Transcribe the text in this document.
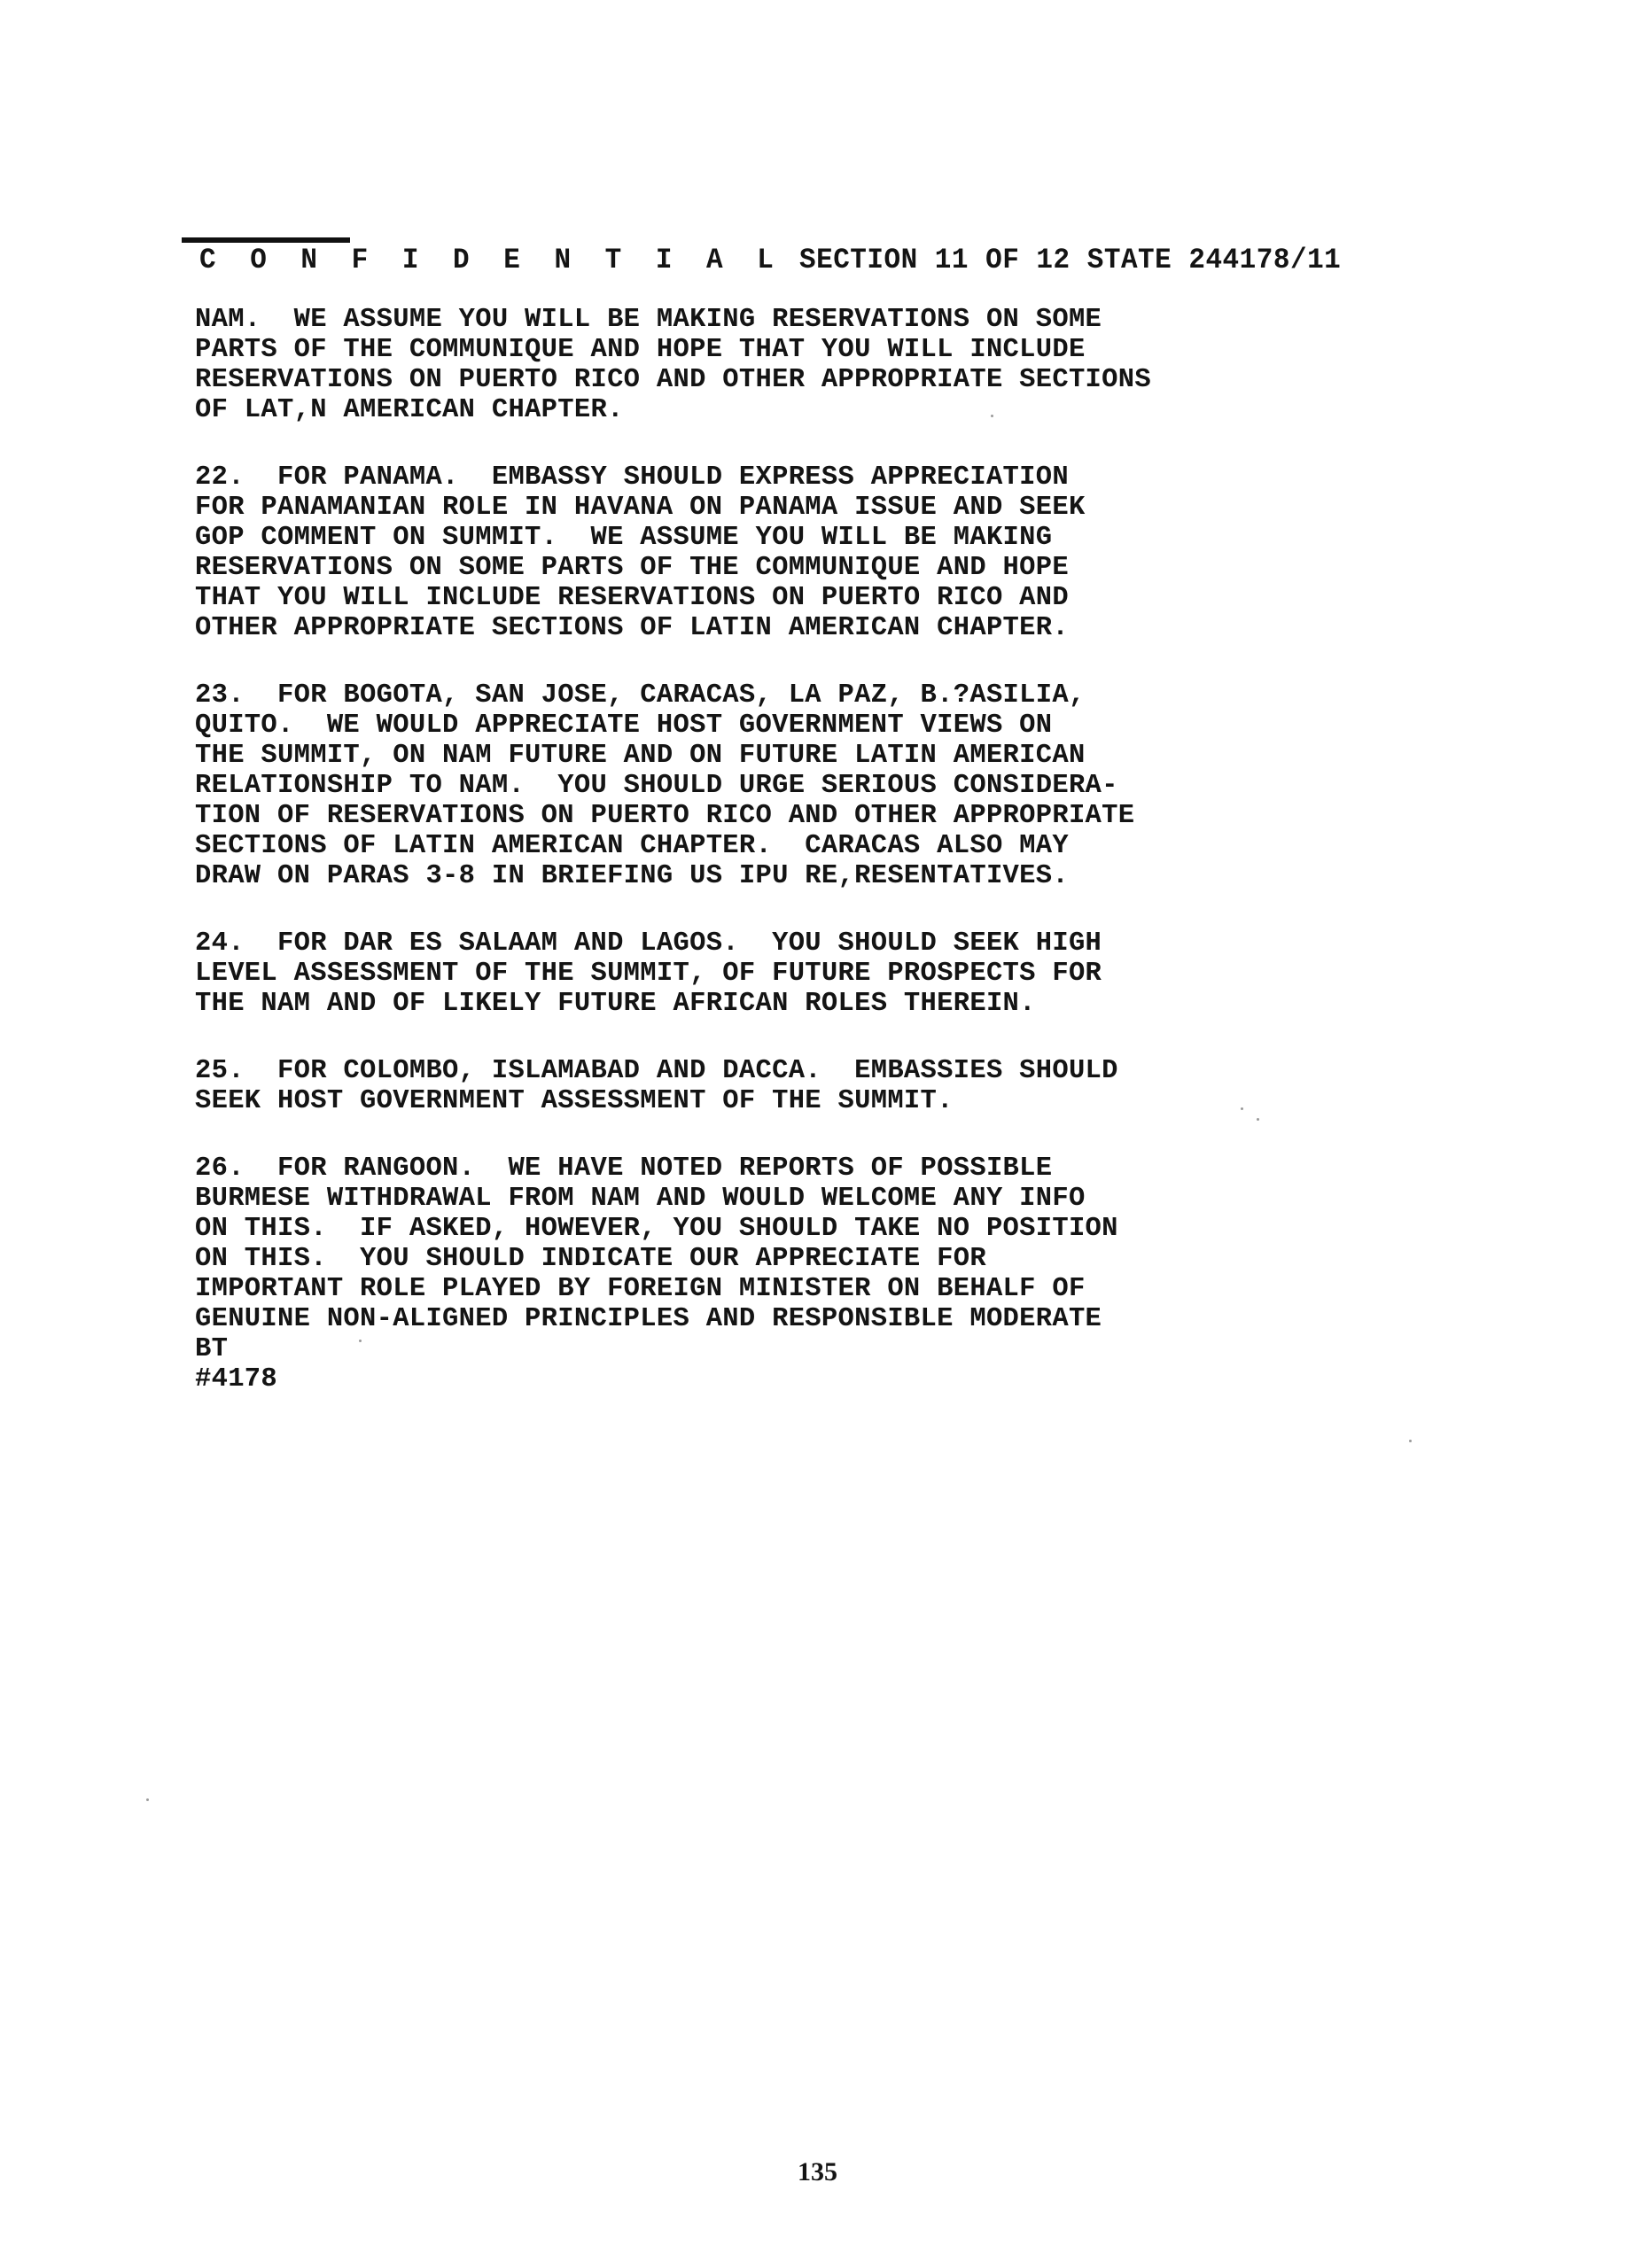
C O N F I D E N T I A L SECTION 11 OF 12 STATE 244178/11

NAM.  WE ASSUME YOU WILL BE MAKING RESERVATIONS ON SOME
PARTS OF THE COMMUNIQUE AND HOPE THAT YOU WILL INCLUDE
RESERVATIONS ON PUERTO RICO AND OTHER APPROPRIATE SECTIONS
OF LAT,N AMERICAN CHAPTER.

22.  FOR PANAMA.  EMBASSY SHOULD EXPRESS APPRECIATION
FOR PANAMANIAN ROLE IN HAVANA ON PANAMA ISSUE AND SEEK
GOP COMMENT ON SUMMIT.  WE ASSUME YOU WILL BE MAKING
RESERVATIONS ON SOME PARTS OF THE COMMUNIQUE AND HOPE
THAT YOU WILL INCLUDE RESERVATIONS ON PUERTO RICO AND
OTHER APPROPRIATE SECTIONS OF LATIN AMERICAN CHAPTER.

23.  FOR BOGOTA, SAN JOSE, CARACAS, LA PAZ, B.?ASILIA,
QUITO.  WE WOULD APPRECIATE HOST GOVERNMENT VIEWS ON
THE SUMMIT, ON NAM FUTURE AND ON FUTURE LATIN AMERICAN
RELATIONSHIP TO NAM.  YOU SHOULD URGE SERIOUS CONSIDERA-
TION OF RESERVATIONS ON PUERTO RICO AND OTHER APPROPRIATE
SECTIONS OF LATIN AMERICAN CHAPTER.  CARACAS ALSO MAY
DRAW ON PARAS 3-8 IN BRIEFING US IPU RE,RESENTATIVES.

24.  FOR DAR ES SALAAM AND LAGOS.  YOU SHOULD SEEK HIGH
LEVEL ASSESSMENT OF THE SUMMIT, OF FUTURE PROSPECTS FOR
THE NAM AND OF LIKELY FUTURE AFRICAN ROLES THEREIN.

25.  FOR COLOMBO, ISLAMABAD AND DACCA.  EMBASSIES SHOULD
SEEK HOST GOVERNMENT ASSESSMENT OF THE SUMMIT.

26.  FOR RANGOON.  WE HAVE NOTED REPORTS OF POSSIBLE
BURMESE WITHDRAWAL FROM NAM AND WOULD WELCOME ANY INFO
ON THIS.  IF ASKED, HOWEVER, YOU SHOULD TAKE NO POSITION
ON THIS.  YOU SHOULD INDICATE OUR APPRECIATE FOR
IMPORTANT ROLE PLAYED BY FOREIGN MINISTER ON BEHALF OF
GENUINE NON-ALIGNED PRINCIPLES AND RESPONSIBLE MODERATE

BT
#4178

135
